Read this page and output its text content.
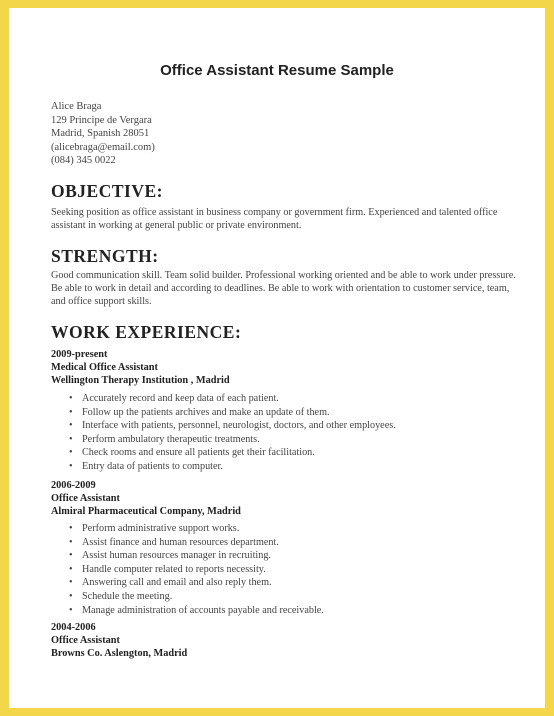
Office Assistant Resume Sample
Alice Braga
129 Principe de Vergara
Madrid, Spanish 28051
(alicebraga@email.com)
(084) 345 0022
OBJECTIVE:
Seeking position as office assistant in business company or government firm. Experienced and talented office assistant in working at general public or private environment.
STRENGTH:
Good communication skill. Team solid builder. Professional working oriented and be able to work under pressure. Be able to work in detail and according to deadlines. Be able to work with orientation to customer service, team, and office support skills.
WORK EXPERIENCE:
2009-present
Medical Office Assistant
Wellington Therapy Institution , Madrid
• Accurately record and keep data of each patient.
• Follow up the patients archives and make an update of them.
• Interface with patients, personnel, neurologist, doctors, and other employees.
• Perform ambulatory therapeutic treatments.
• Check rooms and ensure all patients get their facilitation.
• Entry data of patients to computer.
2006-2009
Office Assistant
Almiral Pharmaceutical Company, Madrid
• Perform administrative support works.
• Assist finance and human resources department.
• Assist human resources manager in recruiting.
• Handle computer related to reports necessity.
• Answering call and email and also reply them.
• Schedule the meeting.
• Manage administration of accounts payable and receivable.
2004-2006
Office Assistant
Browns Co. Aslengton, Madrid
